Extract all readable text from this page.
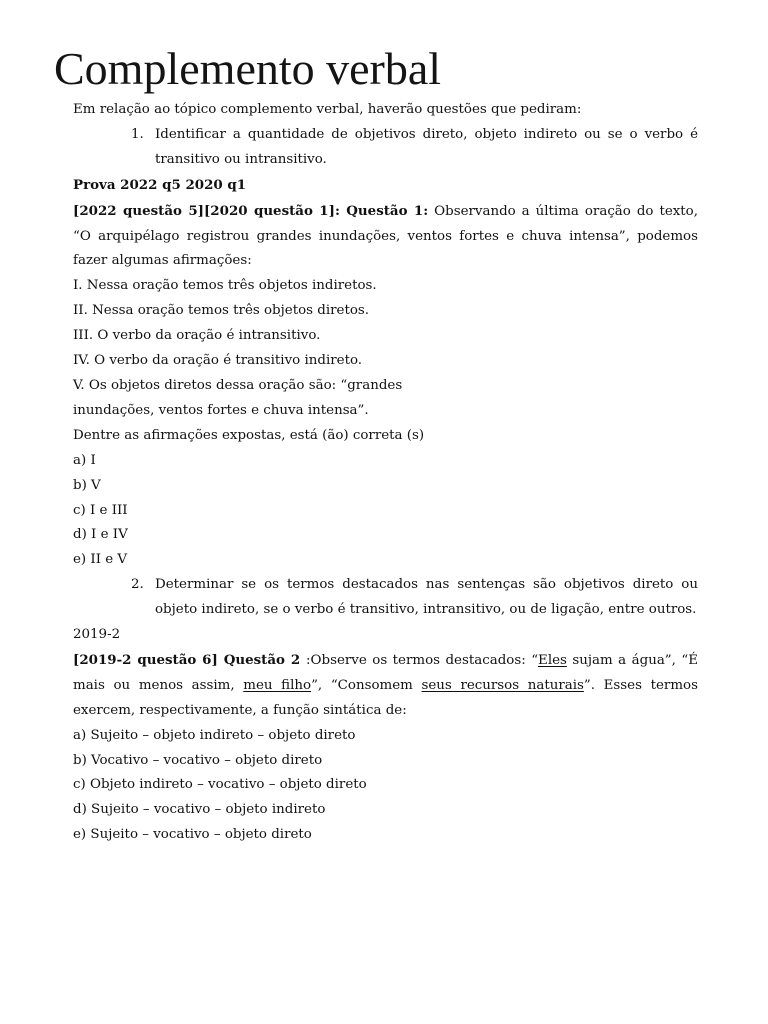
Complemento verbal

Em relação ao tópico complemento verbal, haverão questões que pediram:

1. Identificar a quantidade de objetivos direto, objeto indireto ou se o verbo é transitivo ou intransitivo.

Prova 2022 q5 2020 q1

[2022 questão 5][2020 questão 1]: Questão 1: Observando a última oração do texto, “O arquipélago registrou grandes inundações, ventos fortes e chuva intensa”, podemos fazer algumas afirmações:

I. Nessa oração temos três objetos indiretos.

II. Nessa oração temos três objetos diretos.

III. O verbo da oração é intransitivo.

IV. O verbo da oração é transitivo indireto.

V. Os objetos diretos dessa oração são: “grandes

inundações, ventos fortes e chuva intensa”.

Dentre as afirmações expostas, está (ão) correta (s)

a) I

b) V

c) I e III

d) I e IV

e) II e V

2. Determinar se os termos destacados nas sentenças são objetivos direto ou objeto indireto, se o verbo é transitivo, intransitivo, ou de ligação, entre outros.

2019-2

[2019-2 questão 6] Questão 2 :Observe os termos destacados: “Eles sujam a água”, “É mais ou menos assim, meu filho”, “Consomem seus recursos naturais”. Esses termos exercem, respectivamente, a função sintática de:

a) Sujeito – objeto indireto – objeto direto

b) Vocativo – vocativo – objeto direto

c) Objeto indireto – vocativo – objeto direto

d) Sujeito – vocativo – objeto indireto

e) Sujeito – vocativo – objeto direto
